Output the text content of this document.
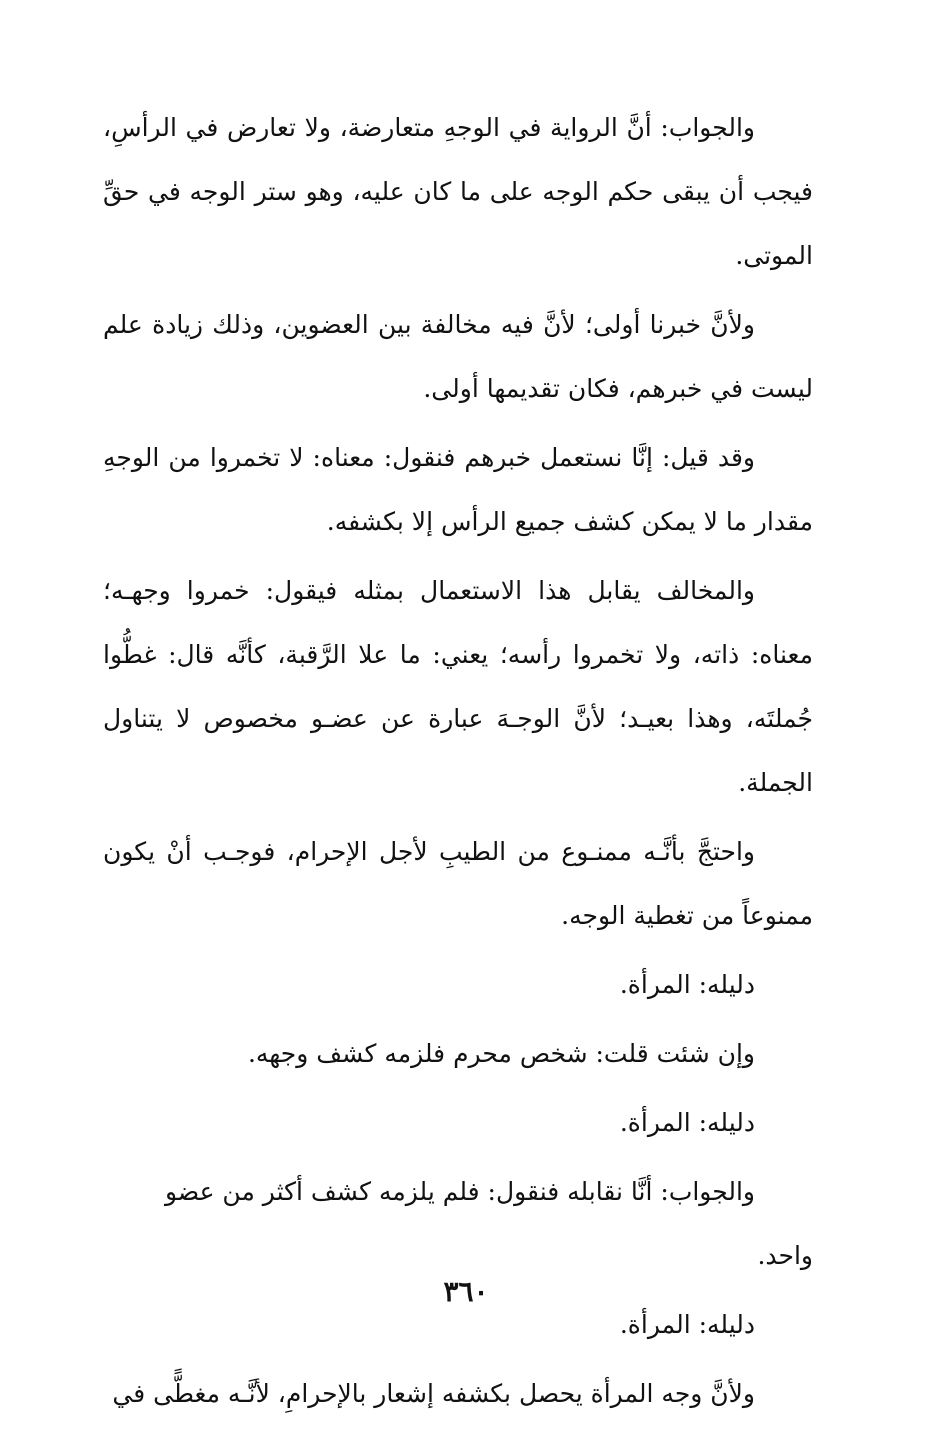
والجواب: أنَّ الرواية في الوجهِ متعارضة، ولا تعارض في الرأسِ، فيجب أن يبقى حكم الوجه على ما كان عليه، وهو ستر الوجه في حقِّ الموتى.

ولأنَّ خبرنا أولى؛ لأنَّ فيه مخالفة بين العضوين، وذلك زيادة علم ليست في خبرهم، فكان تقديمها أولى.

وقد قيل: إنَّا نستعمل خبرهم فنقول: معناه: لا تخمروا من الوجهِ مقدار ما لا يمكن كشف جميع الرأس إلا بكشفه.

والمخالف يقابل هذا الاستعمال بمثله فيقول: خمروا وجهـه؛ معناه: ذاته، ولا تخمروا رأسه؛ يعني: ما علا الرَّقبة، كأنَّه قال: غطُّوا جُملتَه، وهذا بعيـد؛ لأنَّ الوجـهَ عبارة عن عضـو مخصوص لا يتناول الجملة.

واحتجَّ بأنَّـه ممنـوع من الطيبِ لأجل الإحرام، فوجـب أنْ يكون ممنوعاً من تغطية الوجه.

دليله: المرأة.

وإن شئت قلت: شخص محرم فلزمه كشف وجهه.

دليله: المرأة.

والجواب: أنَّا نقابله فنقول: فلم يلزمه كشف أكثر من عضو واحد.

دليله: المرأة.

ولأنَّ وجه المرأة يحصل بكشفه إشعار بالإحرامِ، لأنَّـه مغطًّى في

٣٦٠
